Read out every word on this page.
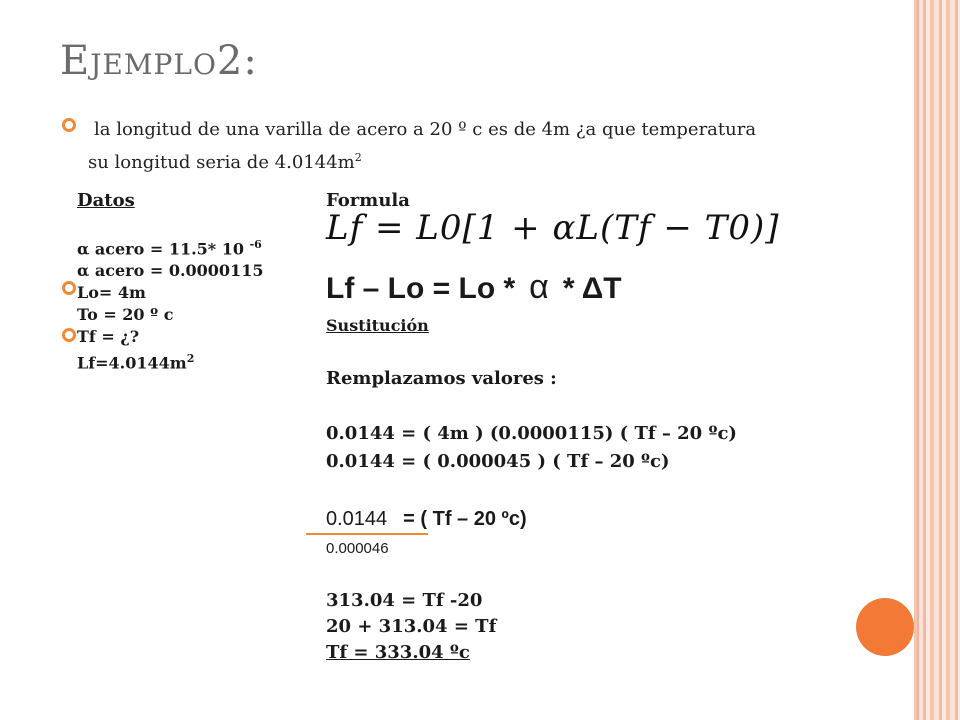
Ejemplo2:
la longitud de una varilla de acero a 20 º c es de 4m ¿a que temperatura
su longitud seria de $4.0144m^2$
Datos
α acero = 11.5* 10 $^{-6}$
α acero = 0.0000115
Lo= 4m
To = 20 º c
Tf = ¿?
$Lf=4.0144m^2$
Formula
Lf = L0[1 + αL(Tf − T0)]
Lf – Lo = Lo * α * ΔT
Sustitución
Remplazamos valores :
0.0144 = ( 4m ) (0.0000115) ( Tf – 20 ºc)
0.0144 = ( 0.000045 ) ( Tf – 20 ºc)
0.0144 = ( Tf – 20 ºc)
0.000046
313.04 = Tf -20
20 + 313.04 = Tf
Tf = 333.04 ºc
